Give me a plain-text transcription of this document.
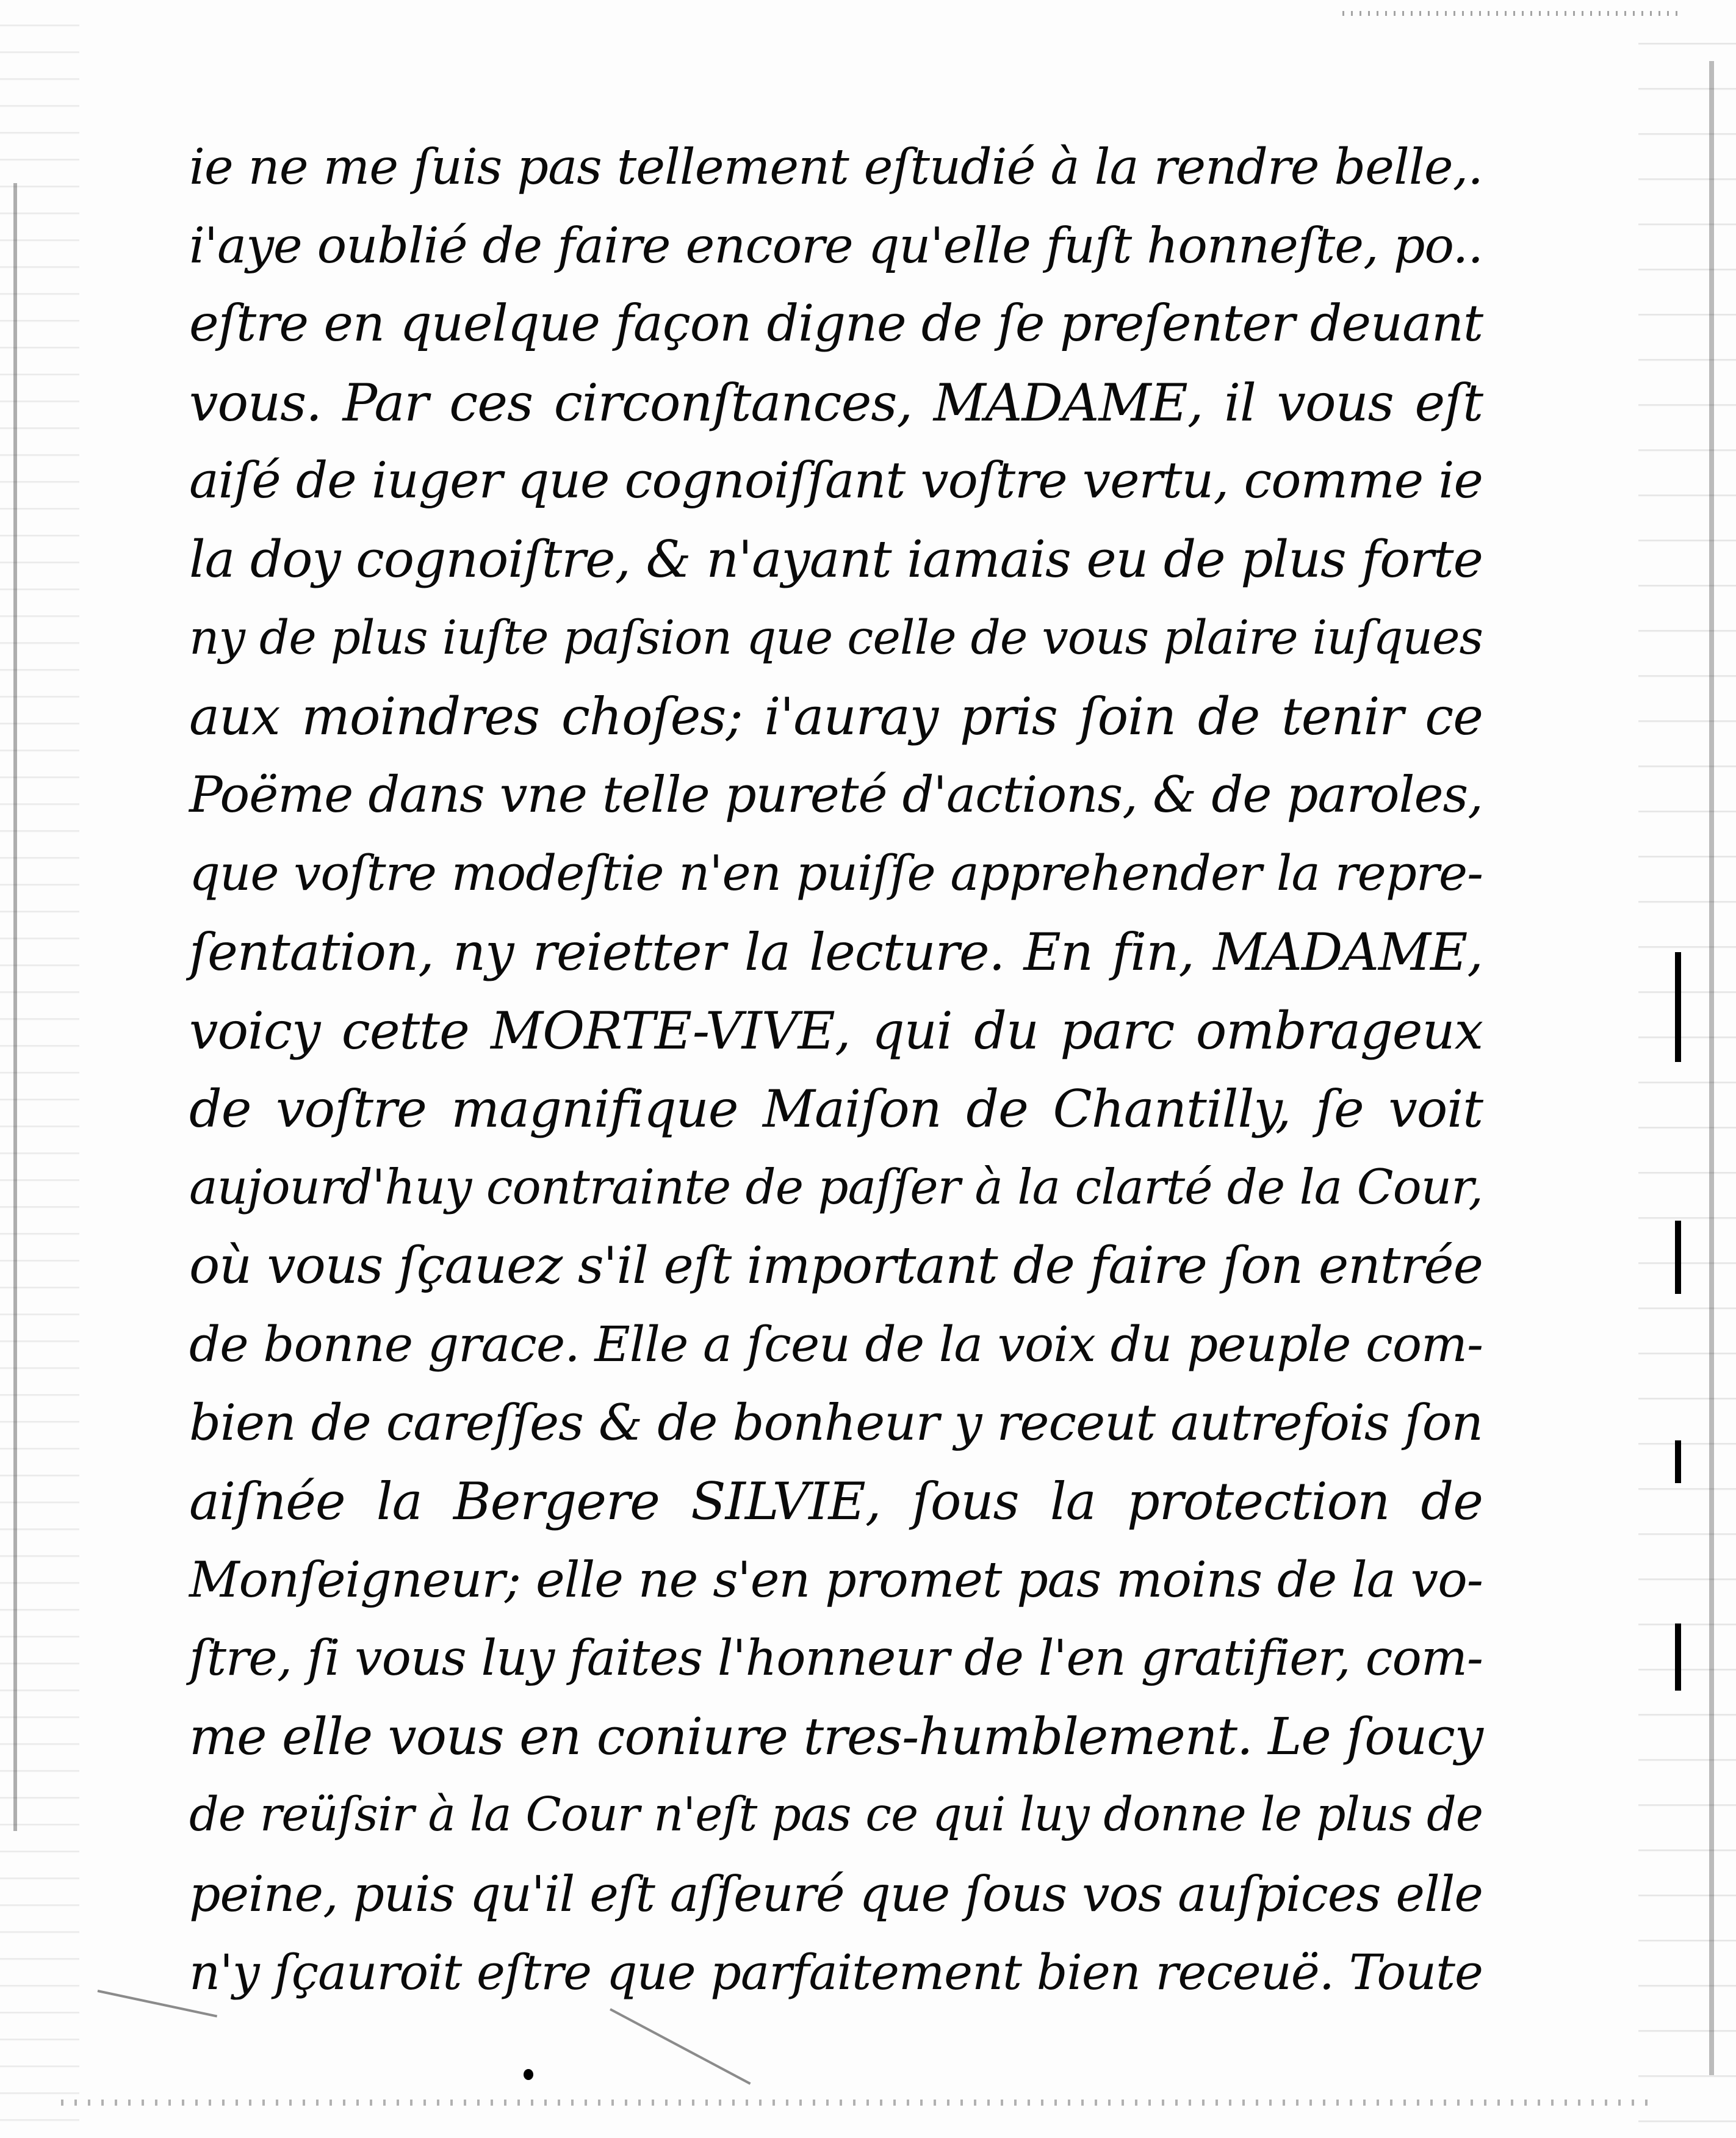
ie ne me ſuis pas tellement eſtudié à la rendre belle,.
i'aye oublié de faire encore qu'elle fuſt honneſte, po..
eſtre en quelque façon digne de ſe preſenter deuant
vous. Par ces circonſtances, MADAME, il vous eſt
aiſé de iuger que cognoiſſant voſtre vertu, comme ie
la doy cognoiſtre, & n'ayant iamais eu de plus forte
ny de plus iuſte paſsion que celle de vous plaire iuſques
aux moindres choſes; i'auray pris ſoin de tenir ce
Poëme dans vne telle pureté d'actions, & de paroles,
que voſtre modeſtie n'en puiſſe apprehender la repre-
ſentation, ny reietter la lecture. En fin, MADAME,
voicy cette MORTE-VIVE, qui du parc ombrageux
de voſtre magnifique Maiſon de Chantilly, ſe voit
aujourd'huy contrainte de paſſer à la clarté de la Cour,
où vous ſçauez s'il eſt important de faire ſon entrée
de bonne grace. Elle a ſceu de la voix du peuple com-
bien de careſſes & de bonheur y receut autrefois ſon
aiſnée la Bergere SILVIE, ſous la protection de
Monſeigneur; elle ne s'en promet pas moins de la vo-
ſtre, ſi vous luy faites l'honneur de l'en gratifier, com-
me elle vous en coniure tres-humblement. Le ſoucy
de reüſsir à la Cour n'eſt pas ce qui luy donne le plus de
peine, puis qu'il eſt aſſeuré que ſous vos auſpices elle
n'y ſçauroit eſtre que parfaitement bien receuë. Toute
